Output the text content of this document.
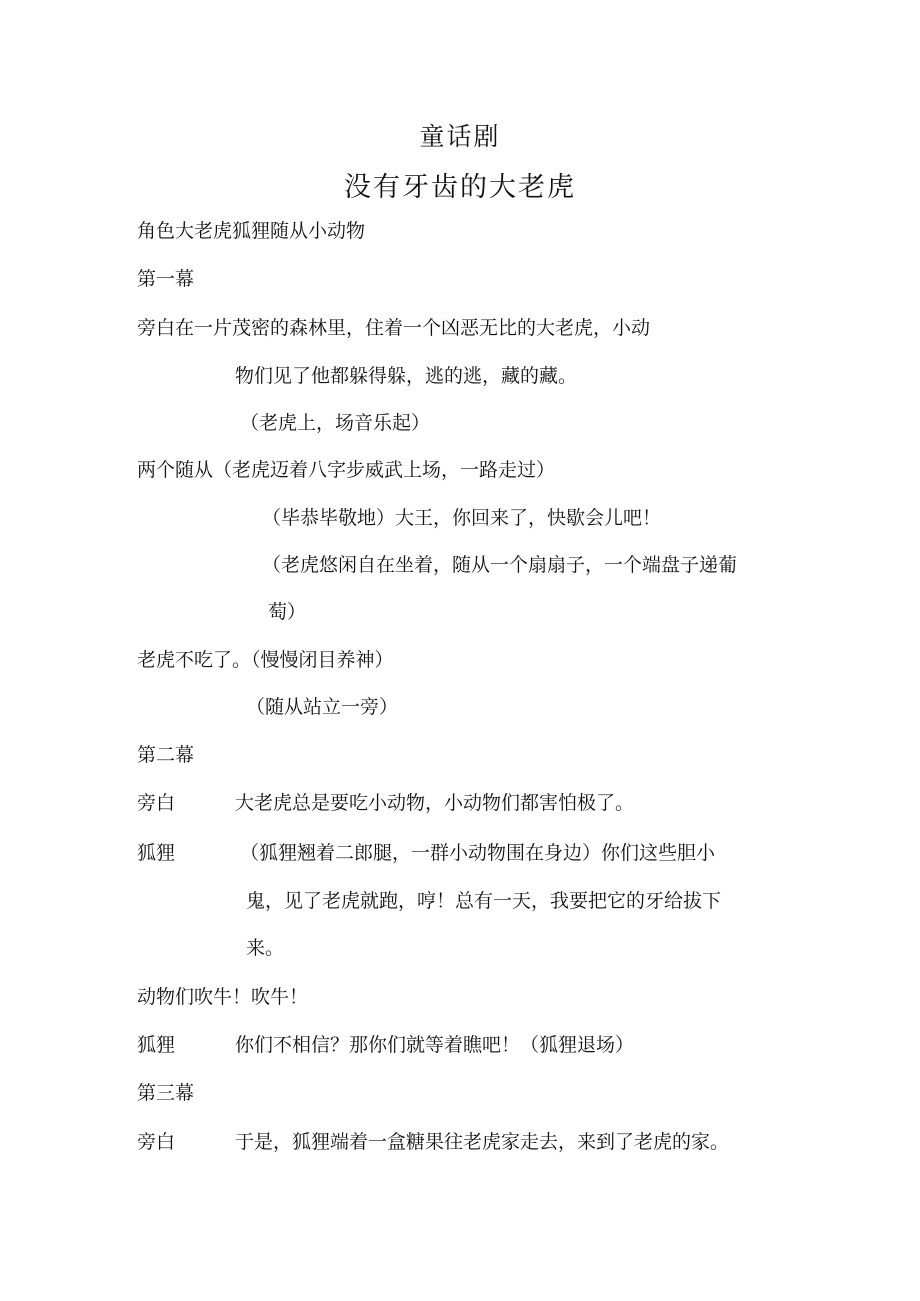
童话剧
没有牙齿的大老虎
角色大老虎狐狸随从小动物
第一幕
旁白在一片茂密的森林里，住着一个凶恶无比的大老虎，小动
物们见了他都躲得躲，逃的逃，藏的藏。
（老虎上，场音乐起）
两个随从（老虎迈着八字步威武上场，一路走过）
（毕恭毕敬地）大王，你回来了，快歇会儿吧！
（老虎悠闲自在坐着，随从一个扇扇子，一个端盘子递葡
萄）
老虎不吃了。（慢慢闭目养神）
（随从站立一旁）
第二幕
旁白	大老虎总是要吃小动物，小动物们都害怕极了。
狐狸	（狐狸翘着二郎腿，一群小动物围在身边）你们这些胆小
鬼，见了老虎就跑，哼！总有一天，我要把它的牙给拔下
来。
动物们吹牛！吹牛！
狐狸	你们不相信？那你们就等着瞧吧！（狐狸退场）
第三幕
旁白	于是，狐狸端着一盒糖果往老虎家走去，来到了老虎的家。
